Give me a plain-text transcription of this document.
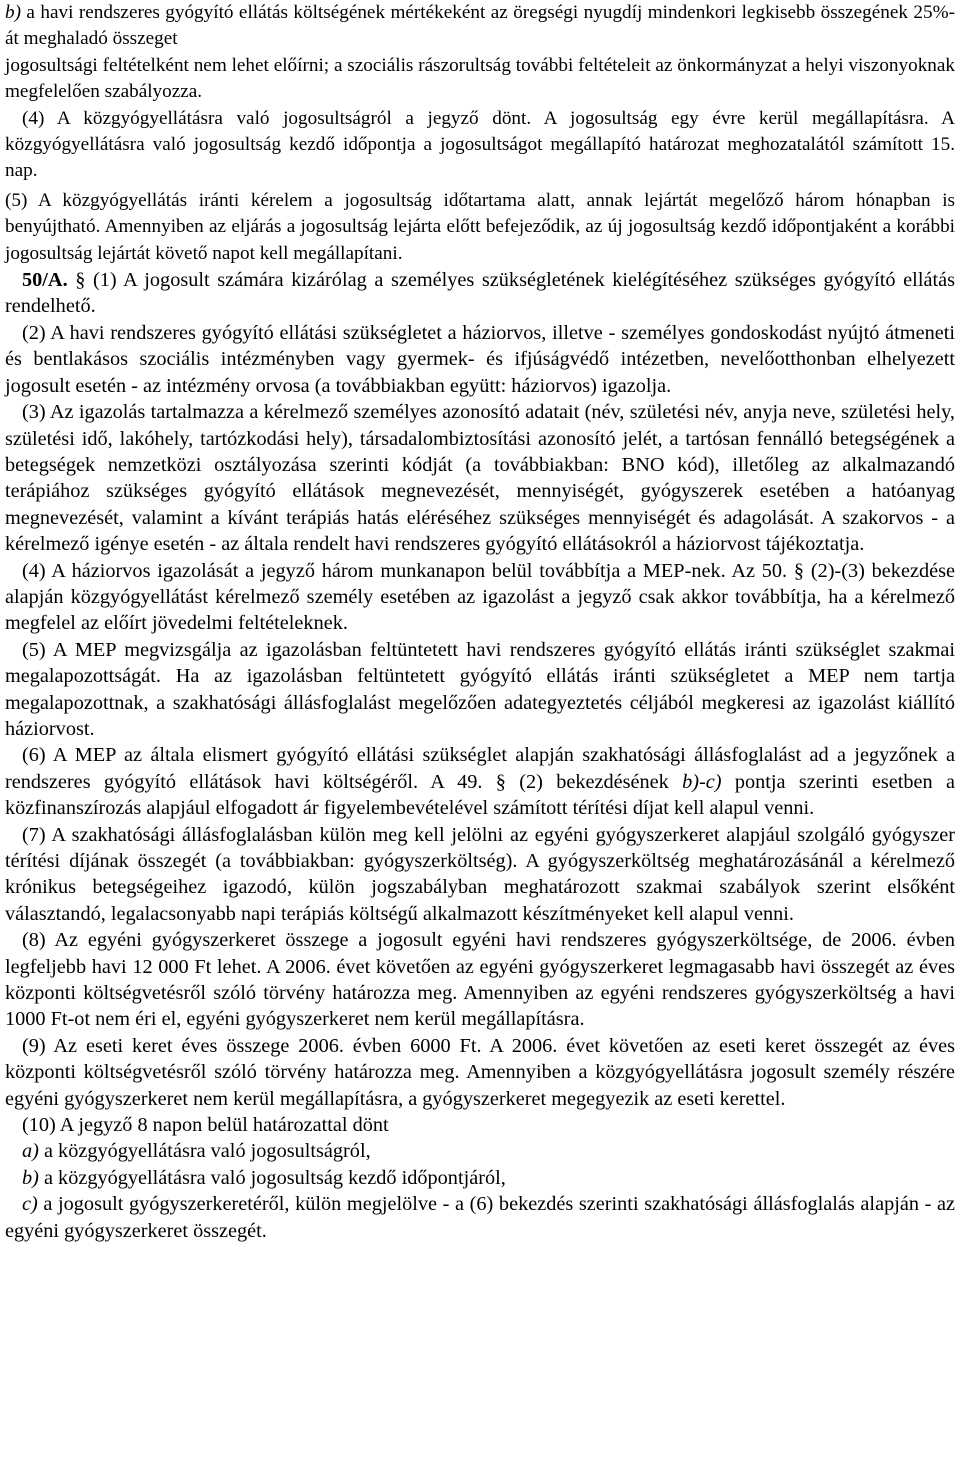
b) a havi rendszeres gyógyító ellátás költségének mértékeként az öregségi nyugdíj mindenkori legkisebb összegének 25%-át meghaladó összeget

jogosultsági feltételként nem lehet előírni; a szociális rászorultság további feltételeit az önkormányzat a helyi viszonyoknak megfelelően szabályozza.

(4) A közgyógyellátásra való jogosultságról a jegyző dönt. A jogosultság egy évre kerül megállapításra. A közgyógyellátásra való jogosultság kezdő időpontja a jogosultságot megállapító határozat meghozatalától számított 15. nap.

(5) A közgyógyellátás iránti kérelem a jogosultság időtartama alatt, annak lejártát megelőző három hónapban is benyújtható. Amennyiben az eljárás a jogosultság lejárta előtt befejeződik, az új jogosultság kezdő időpontjaként a korábbi jogosultság lejártát követő napot kell megállapítani.

50/A. § (1) A jogosult számára kizárólag a személyes szükségletének kielégítéséhez szükséges gyógyító ellátás rendelhető.

(2) A havi rendszeres gyógyító ellátási szükségletet a háziorvos, illetve - személyes gondoskodást nyújtó átmeneti és bentlakásos szociális intézményben vagy gyermek- és ifjúságvédő intézetben, nevelőotthonban elhelyezett jogosult esetén - az intézmény orvosa (a továbbiakban együtt: háziorvos) igazolja.

(3) Az igazolás tartalmazza a kérelmező személyes azonosító adatait (név, születési név, anyja neve, születési hely, születési idő, lakóhely, tartózkodási hely), társadalombiztosítási azonosító jelét, a tartósan fennálló betegségének a betegségek nemzetközi osztályozása szerinti kódját (a továbbiakban: BNO kód), illetőleg az alkalmazandó terápiához szükséges gyógyító ellátások megnevezését, mennyiségét, gyógyszerek esetében a hatóanyag megnevezését, valamint a kívánt terápiás hatás eléréséhez szükséges mennyiségét és adagolását. A szakorvos - a kérelmező igénye esetén - az általa rendelt havi rendszeres gyógyító ellátásokról a háziorvost tájékoztatja.

(4) A háziorvos igazolását a jegyző három munkanapon belül továbbítja a MEP-nek. Az 50. § (2)-(3) bekezdése alapján közgyógyellátást kérelmező személy esetében az igazolást a jegyző csak akkor továbbítja, ha a kérelmező megfelel az előírt jövedelmi feltételeknek.

(5) A MEP megvizsgálja az igazolásban feltüntetett havi rendszeres gyógyító ellátás iránti szükséglet szakmai megalapozottságát. Ha az igazolásban feltüntetett gyógyító ellátás iránti szükségletet a MEP nem tartja megalapozottnak, a szakhatósági állásfoglalást megelőzően adategyeztetés céljából megkeresi az igazolást kiállító háziorvost.

(6) A MEP az általa elismert gyógyító ellátási szükséglet alapján szakhatósági állásfoglalást ad a jegyzőnek a rendszeres gyógyító ellátások havi költségéről. A 49. § (2) bekezdésének b)-c) pontja szerinti esetben a közfinanszírozás alapjául elfogadott ár figyelembevételével számított térítési díjat kell alapul venni.

(7) A szakhatósági állásfoglalásban külön meg kell jelölni az egyéni gyógyszerkeret alapjául szolgáló gyógyszer térítési díjának összegét (a továbbiakban: gyógyszerköltség). A gyógyszerköltség meghatározásánál a kérelmező krónikus betegségeihez igazodó, külön jogszabályban meghatározott szakmai szabályok szerint elsőként választandó, legalacsonyabb napi terápiás költségű alkalmazott készítményeket kell alapul venni.

(8) Az egyéni gyógyszerkeret összege a jogosult egyéni havi rendszeres gyógyszerköltsége, de 2006. évben legfeljebb havi 12 000 Ft lehet. A 2006. évet követően az egyéni gyógyszerkeret legmagasabb havi összegét az éves központi költségvetésről szóló törvény határozza meg. Amennyiben az egyéni rendszeres gyógyszerköltség a havi 1000 Ft-ot nem éri el, egyéni gyógyszerkeret nem kerül megállapításra.

(9) Az eseti keret éves összege 2006. évben 6000 Ft. A 2006. évet követően az eseti keret összegét az éves központi költségvetésről szóló törvény határozza meg. Amennyiben a közgyógyellátásra jogosult személy részére egyéni gyógyszerkeret nem kerül megállapításra, a gyógyszerkeret megegyezik az eseti kerettel.

(10) A jegyző 8 napon belül határozattal dönt

a) a közgyógyellátásra való jogosultságról,

b) a közgyógyellátásra való jogosultság kezdő időpontjáról,

c) a jogosult gyógyszerkeretéről, külön megjelölve - a (6) bekezdés szerinti szakhatósági állásfoglalás alapján - az egyéni gyógyszerkeret összegét.
